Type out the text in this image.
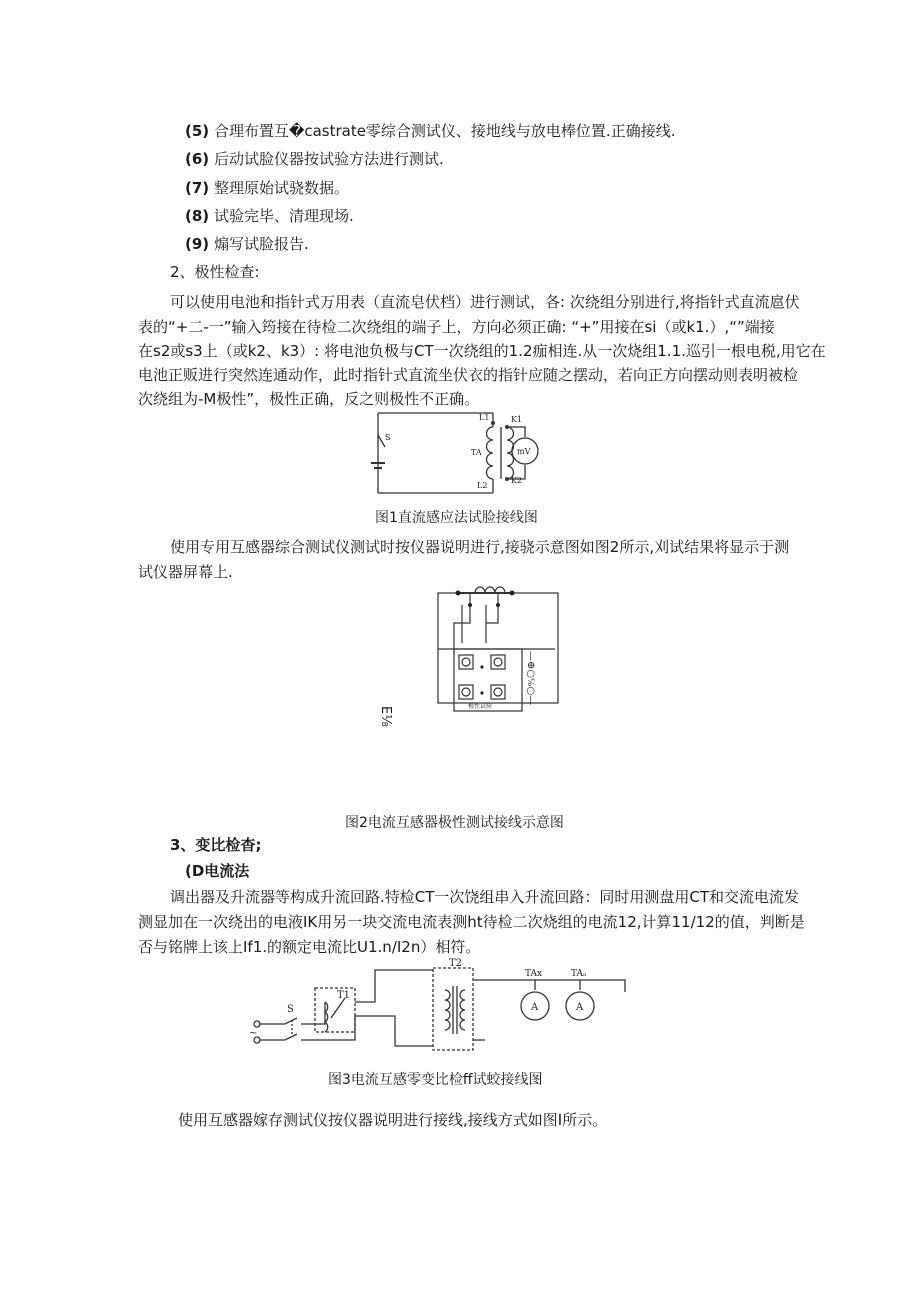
(5) 合理布置互�castrate零综合测试仪、接地线与放电棒位置.正确接线.
(6) 后动试脸仪器按试验方法进行测试.
(7) 整理原始试骁数据。
(8) 试验完毕、清理现场.
(9) 煽写试脸报告.
2、极性检查:
可以使用电池和指针式万用表（直流皂伏档）进行测试，各: 次绕组分别进行,将指针式直流扈伏
表的“+二-一”输入筠接在待检二次绕组的端子上，方向必须正确: “+”用接在si（或k1.）,“”端接
在s2或s3上（或k2、k3）: 将电池负极与CT一次绕组的1.2痂相连.从一次烧组1.1.巡引一根电税,用它在
电池正贩进行突然连通动作，此时指针式直流坐伏衣的指针应随之摆动，若向正方向摆动则表明被检
次绕组为-M极性”，极性正确，反之则极性不正确。
L1	K1
TA
S
mV
L2
K2
图1直流感应法试脸接线图
使用专用互感器综合测试仪测试时按仪器说明进行,接骁示意图如图2所示,刈试结果将显示于测
试仪器屏幕上.
极性试验
—⊕○℅○—
E⅛
图2电流互感器极性测试接线示意图
3、变比检杳;
(D电流法
调出器及升流器等构成升流回路.特检CT一次饶组串入升流回路：同时用测盘用CT和交流电流发
测显加在一次绕出的电液IK用另一块交流电流表测ht待检二次烧组的电流12,计算11/12的值，判断是
否与铭牌上该上If1.的额定电流比U1.n/I2n）相符。
~
S
T1
T2
TAx	TAₙ
A	A
图3电流互感零变比检ff试蛟接线图
使用互感器嫁存测试仪按仪器说明进行接线,接线方式如图I所示。
